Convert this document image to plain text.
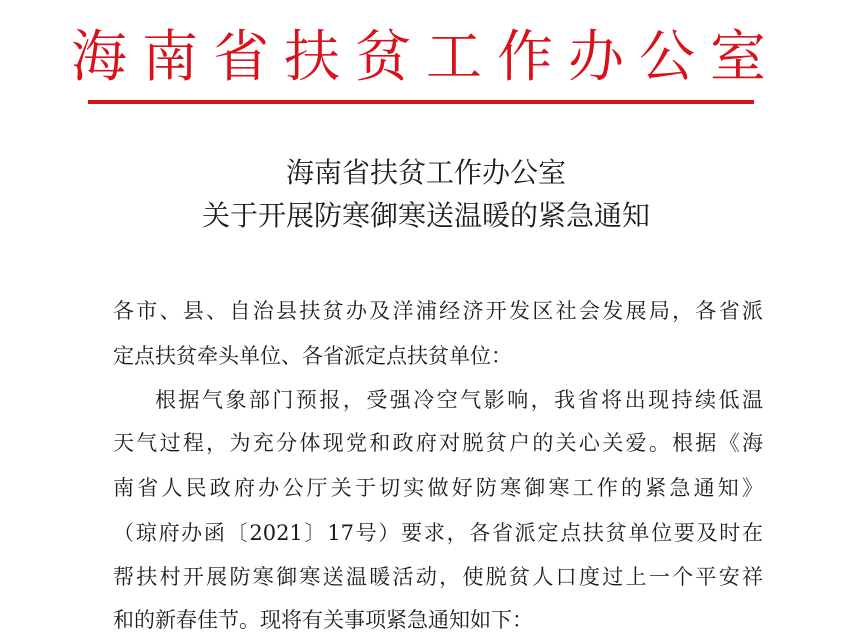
海南省扶贫工作办公室
海南省扶贫工作办公室
关于开展防寒御寒送温暖的紧急通知
各市、县、自治县扶贫办及洋浦经济开发区社会发展局，各省派
定点扶贫牵头单位、各省派定点扶贫单位：
根据气象部门预报，受强冷空气影响，我省将出现持续低温
天气过程，为充分体现党和政府对脱贫户的关心关爱。根据《海
南省人民政府办公厅关于切实做好防寒御寒工作的紧急通知》
（琼府办函〔2021〕17号）要求，各省派定点扶贫单位要及时在
帮扶村开展防寒御寒送温暖活动，使脱贫人口度过上一个平安祥
和的新春佳节。现将有关事项紧急通知如下：
